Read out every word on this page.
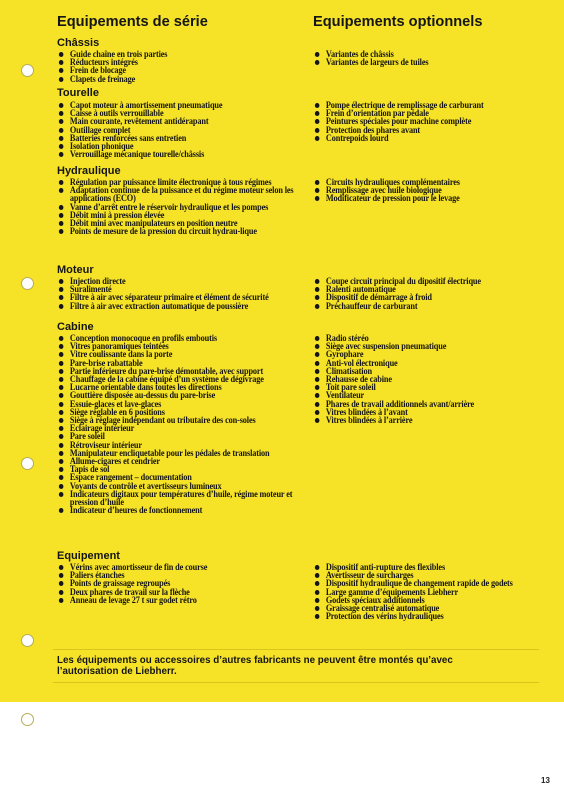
Equipements de série	Equipements optionnels
Châssis
Guide chaîne en trois parties
Réducteurs intégrés
Frein de blocage
Clapets de freinage
Tourelle
Capot moteur à amortissement pneumatique
Caisse à outils verrouillable
Main courante, revêtement antidérapant
Outillage complet
Batteries renforcées sans entretien
Isolation phonique
Verrouillage mécanique tourelle/châssis
Hydraulique
Régulation par puissance limite électronique à tous régimes
Adaptation continue de la puissance et du régime moteur selon les applications (ECO)
Vanne d’arrêt entre le réservoir hydraulique et les pompes
Débit mini à pression élevée
Débit mini avec manipulateurs en position neutre
Points de mesure de la pression du circuit hydrau-lique
Moteur
Injection directe
Suralimenté
Filtre à air avec séparateur primaire et élément de sécurité
Filtre à air avec extraction automatique de poussière
Cabine
Conception monocoque en profils emboutis
Vitres panoramiques teintées
Vitre coulissante dans la porte
Pare-brise rabattable
Partie inférieure du pare-brise démontable, avec support
Chauffage de la cabine équipé d’un système de dégivrage
Lucarne orientable dans toutes les directions
Gouttière disposée au-dessus du pare-brise
Essuie-glaces et lave-glaces
Siège réglable en 6 positions
Siège à réglage indépendant ou tributaire des con-soles
Eclairage intérieur
Pare soleil
Rétroviseur intérieur
Manipulateur encliquetable pour les pédales de translation
Allume-cigares et cendrier
Tapis de sol
Espace rangement – documentation
Voyants de contrôle et avertisseurs lumineux
Indicateurs digitaux pour températures d’huile, régime moteur et pression d’huile
Indicateur d’heures de fonctionnement
Equipement
Vérins avec amortisseur de fin de course
Paliers étanches
Points de graissage regroupés
Deux phares de travail sur la flèche
Anneau de levage 27 t sur godet rétro
Variantes de châssis
Variantes de largeurs de tuiles
Pompe électrique de remplissage de carburant
Frein d’orientation par pédale
Peintures spéciales pour machine complète
Protection des phares avant
Contrepoids lourd
Circuits hydrauliques complémentaires
Remplissage avec huile biologique
Modificateur de pression pour le levage
Coupe circuit principal du dipositif électrique
Ralenti automatique
Dispositif de démarrage à froid
Préchauffeur de carburant
Radio stéréo
Siège avec suspension pneumatique
Gyrophare
Anti-vol électronique
Climatisation
Rehausse de cabine
Toit pare soleil
Ventilateur
Phares de travail additionnels avant/arrière
Vitres blindées à l’avant
Vitres blindées à l’arrière
Dispositif anti-rupture des flexibles
Avertisseur de surcharges
Dispositif hydraulique de changement rapide de godets
Large gamme d’équipements Liebherr
Godets spéciaux additionnels
Graissage centralisé automatique
Protection des vérins hydrauliques

Les équipements ou accessoires d’autres fabricants ne peuvent être montés qu’avec l’autorisation de Liebherr.

13
